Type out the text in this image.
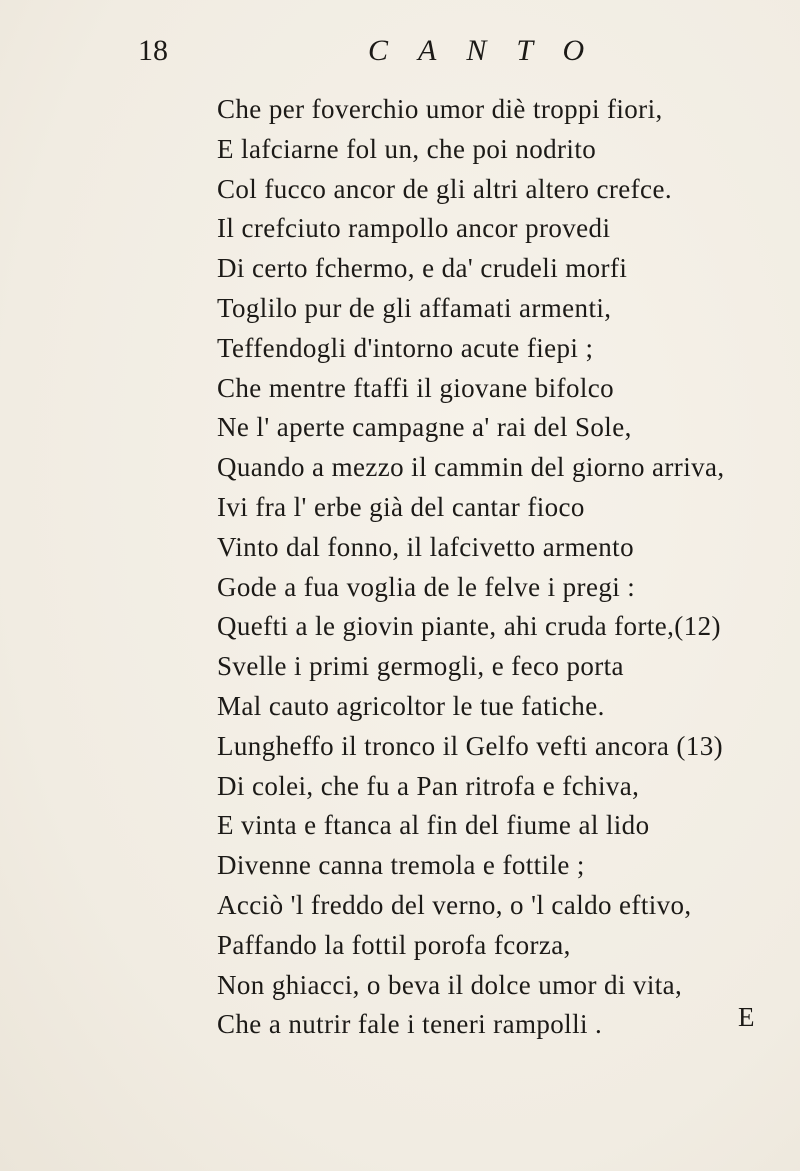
18	CANTO
Che per foverchio umor diè troppi fiori,
E lafciarne fol un, che poi nodrito
Col fucco ancor de gli altri altero crefce.
Il crefciuto rampollo ancor provedi
Di certo fchermo, e da' crudeli morfi
Toglilo pur de gli affamati armenti,
Teffendogli d'intorno acute fiepi ;
Che mentre ftaffi il giovane bifolco
Ne l' aperte campagne a' rai del Sole,
Quando a mezzo il cammin del giorno arriva,
Ivi fra l' erbe già del cantar fioco
Vinto dal fonno, il lafcivetto armento
Gode a fua voglia de le felve i pregi :
Quefti a le giovin piante, ahi cruda forte,(12)
Svelle i primi germogli, e feco porta
Mal cauto agricoltor le tue fatiche.
Lungheffo il tronco il Gelfo vefti ancora (13)
Di colei, che fu a Pan ritrofa e fchiva,
E vinta e ftanca al fin del fiume al lido
Divenne canna tremola e fottile ;
Acciò 'l freddo del verno, o 'l caldo eftivo,
Paffando la fottil porofa fcorza,
Non ghiacci, o beva il dolce umor di vita,
Che a nutrir fale i teneri rampolli .	E
